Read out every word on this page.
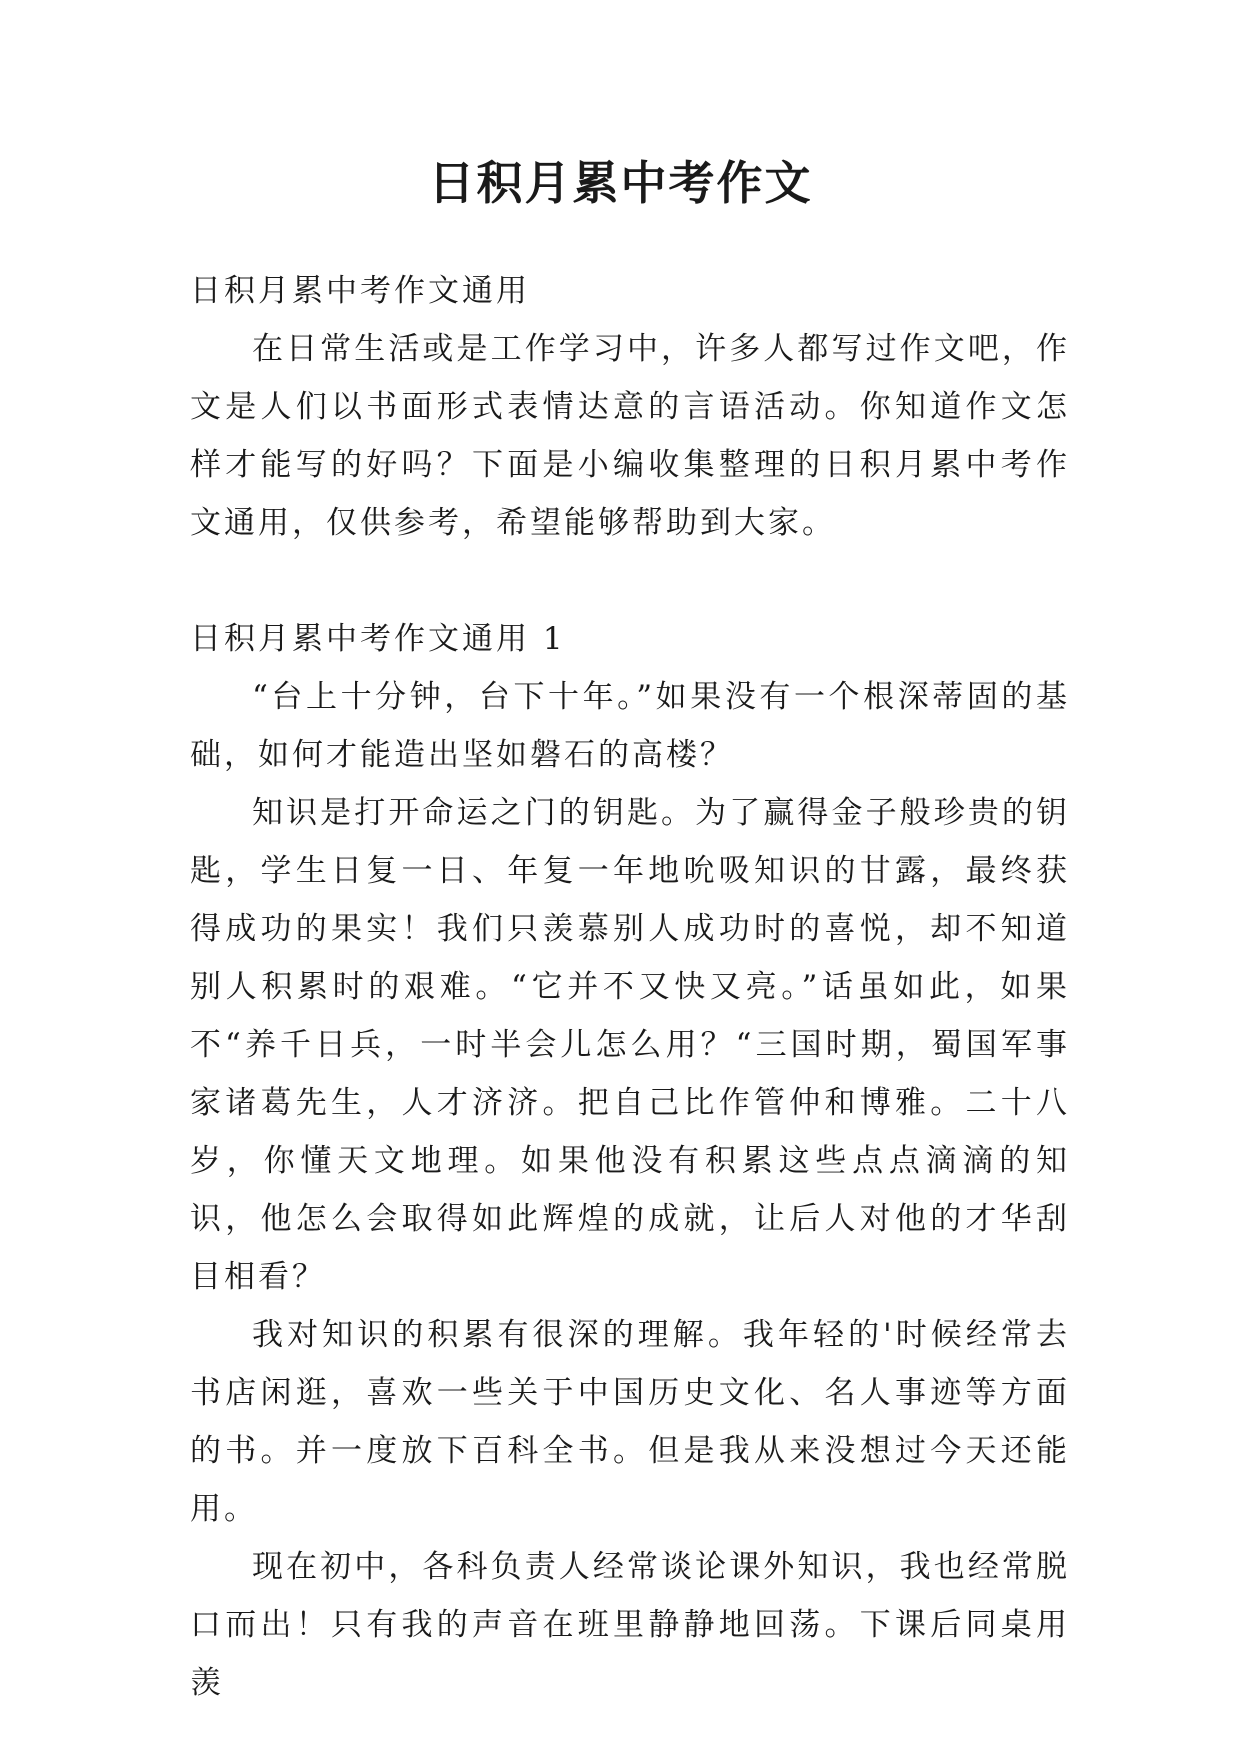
日积月累中考作文

日积月累中考作文通用

在日常生活或是工作学习中，许多人都写过作文吧，作文是人们以书面形式表情达意的言语活动。你知道作文怎样才能写的好吗？下面是小编收集整理的日积月累中考作文通用，仅供参考，希望能够帮助到大家。

日积月累中考作文通用 1

“台上十分钟，台下十年。”如果没有一个根深蒂固的基础，如何才能造出坚如磐石的高楼？

知识是打开命运之门的钥匙。为了赢得金子般珍贵的钥匙，学生日复一日、年复一年地吮吸知识的甘露，最终获得成功的果实！我们只羡慕别人成功时的喜悦，却不知道别人积累时的艰难。“它并不又快又亮。”话虽如此，如果不“养千日兵，一时半会儿怎么用？“三国时期，蜀国军事家诸葛先生，人才济济。把自己比作管仲和博雅。二十八岁，你懂天文地理。如果他没有积累这些点点滴滴的知识，他怎么会取得如此辉煌的成就，让后人对他的才华刮目相看？

我对知识的积累有很深的理解。我年轻的'时候经常去书店闲逛，喜欢一些关于中国历史文化、名人事迹等方面的书。并一度放下百科全书。但是我从来没想过今天还能用。

现在初中，各科负责人经常谈论课外知识，我也经常脱口而出！只有我的声音在班里静静地回荡。下课后同桌用羡
